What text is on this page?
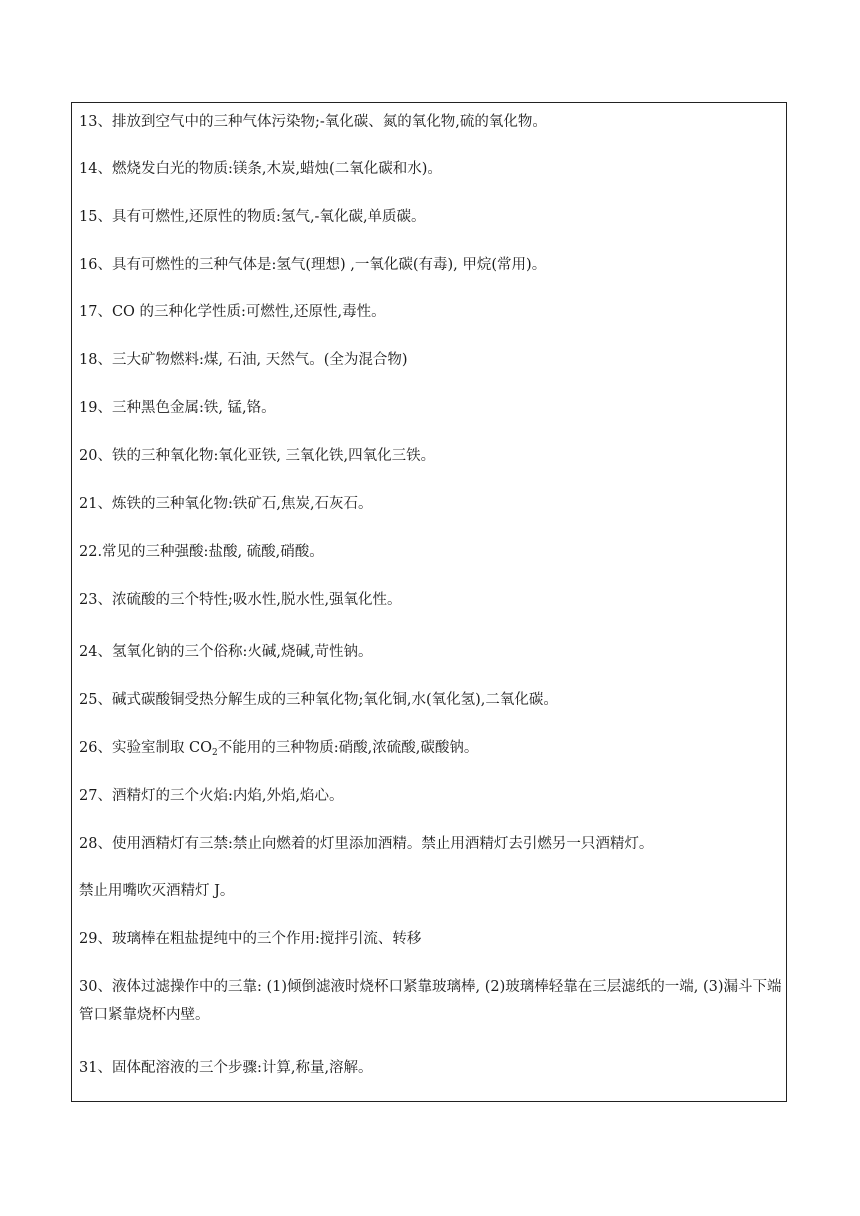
13、排放到空气中的三种气体污染物;-氧化碳、氮的氧化物,硫的氧化物。
14、燃烧发白光的物质:镁条,木炭,蜡烛(二氧化碳和水)。
15、具有可燃性,还原性的物质:氢气,-氧化碳,单质碳。
16、具有可燃性的三种气体是:氢气(理想) ,一氧化碳(有毒), 甲烷(常用)。
17、CO 的三种化学性质:可燃性,还原性,毒性。
18、三大矿物燃料:煤, 石油, 天然气。(全为混合物)
19、三种黑色金属:铁, 锰,铬。
20、铁的三种氧化物:氧化亚铁, 三氧化铁,四氧化三铁。
21、炼铁的三种氧化物:铁矿石,焦炭,石灰石。
22.常见的三种强酸:盐酸, 硫酸,硝酸。
23、浓硫酸的三个特性;吸水性,脱水性,强氧化性。
24、氢氧化钠的三个俗称:火碱,烧碱,苛性钠。
25、碱式碳酸铜受热分解生成的三种氧化物;氧化铜,水(氧化氢),二氧化碳。
26、实验室制取 $CO_2$不能用的三种物质:硝酸,浓硫酸,碳酸钠。
27、酒精灯的三个火焰:内焰,外焰,焰心。
28、使用酒精灯有三禁:禁止向燃着的灯里添加酒精。禁止用酒精灯去引燃另一只酒精灯。
禁止用嘴吹灭酒精灯 J。
29、玻璃棒在粗盐提纯中的三个作用:搅拌引流、转移
30、液体过滤操作中的三靠: (1)倾倒滤液时烧杯口紧靠玻璃棒, (2)玻璃棒轻靠在三层滤纸的一端, (3)漏斗下端管口紧靠烧杯内壁。
31、固体配溶液的三个步骤:计算,称量,溶解。
